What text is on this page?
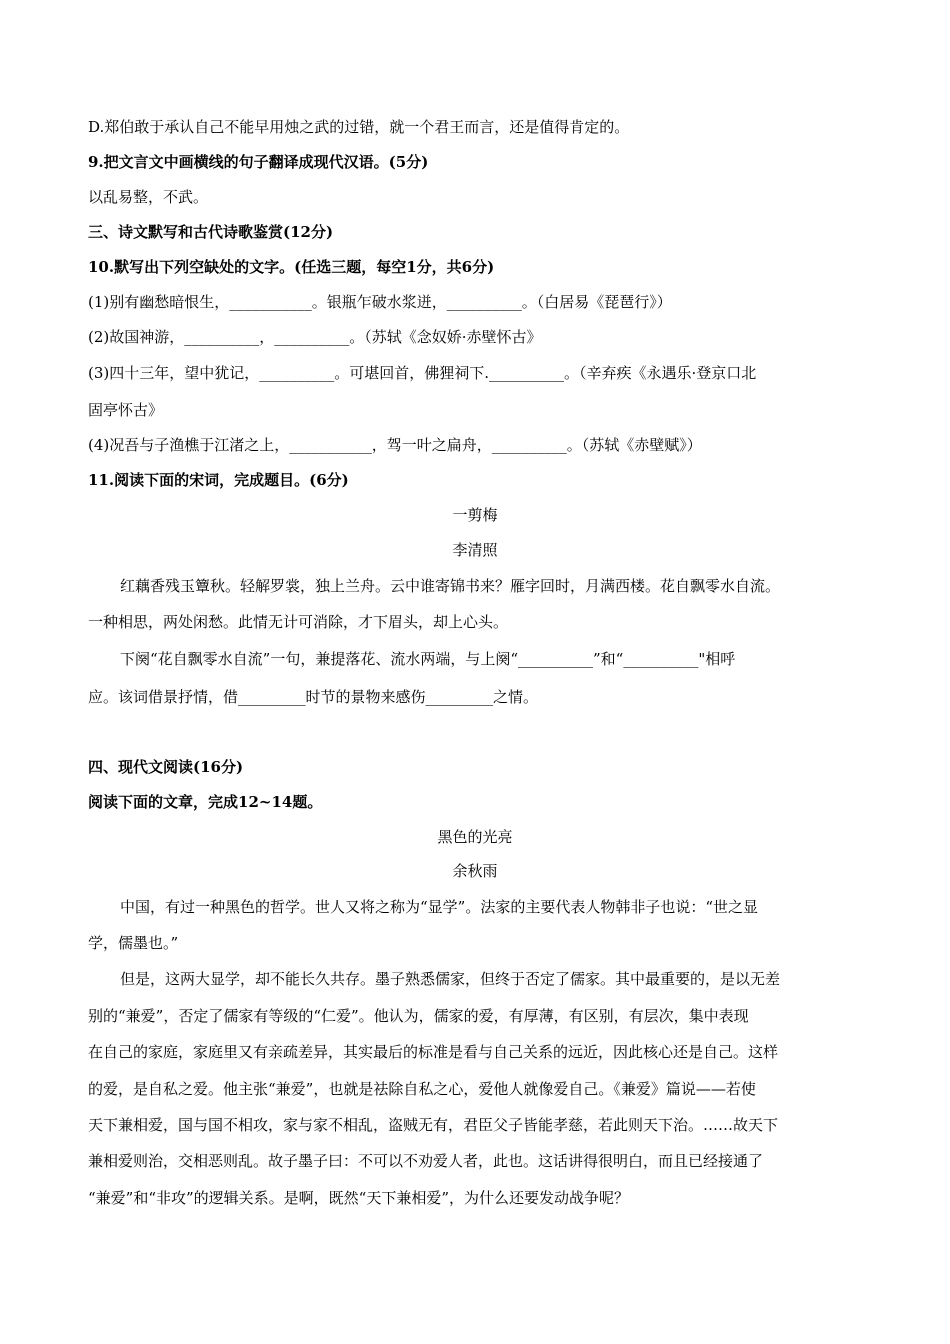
D.郑伯敢于承认自己不能早用烛之武的过错，就一个君王而言，还是值得肯定的。
9.把文言文中画横线的句子翻译成现代汉语。(5分)
以乱易整，不武。
三、诗文默写和古代诗歌鉴赏(12分)
10.默写出下列空缺处的文字。(任选三题，每空1分，共6分)
(1)别有幽愁暗恨生，___________。银瓶乍破水浆迸，__________。（白居易《琵琶行》）
(2)故国神游，__________，__________。（苏轼《念奴娇·赤壁怀古》
(3)四十三年，望中犹记，__________。可堪回首，佛狸祠下.__________。（辛弃疾《永遇乐·登京口北
固亭怀古》
(4)况吾与子渔樵于江渚之上，___________，驾一叶之扁舟，__________。（苏轼《赤壁赋》）
11.阅读下面的宋词，完成题目。(6分)
一剪梅
李清照
红藕香残玉簟秋。轻解罗裳，独上兰舟。云中谁寄锦书来？雁字回时，月满西楼。花自飘零水自流。
一种相思，两处闲愁。此情无计可消除，才下眉头，却上心头。
下阕“花自飘零水自流”一句，兼提落花、流水两端，与上阕“__________”和“__________"相呼
应。该词借景抒情，借_________时节的景物来感伤_________之情。
四、现代文阅读(16分)
阅读下面的文章，完成12~14题。
黑色的光亮
余秋雨
中国，有过一种黑色的哲学。世人又将之称为“显学”。法家的主要代表人物韩非子也说：“世之显
学，儒墨也。”
但是，这两大显学，却不能长久共存。墨子熟悉儒家，但终于否定了儒家。其中最重要的，是以无差
别的“兼爱”，否定了儒家有等级的“仁爱”。他认为，儒家的爱，有厚薄，有区别，有层次，集中表现
在自己的家庭，家庭里又有亲疏差异，其实最后的标准是看与自己关系的远近，因此核心还是自己。这样
的爱，是自私之爱。他主张“兼爱”，也就是祛除自私之心，爱他人就像爱自己。《兼爱》篇说——若使
天下兼相爱，国与国不相攻，家与家不相乱，盗贼无有，君臣父子皆能孝慈，若此则天下治。……故天下
兼相爱则治，交相恶则乱。故子墨子曰：不可以不劝爱人者，此也。这话讲得很明白，而且已经接通了
“兼爱”和“非攻”的逻辑关系。是啊，既然“天下兼相爱”，为什么还要发动战争呢？
